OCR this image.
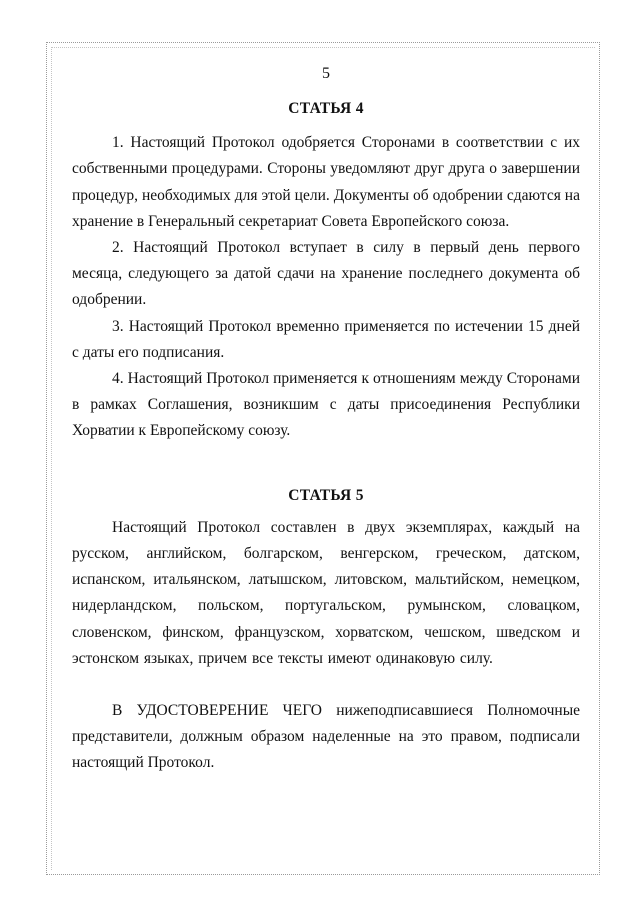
5

СТАТЬЯ 4

1. Настоящий Протокол одобряется Сторонами в соответствии с их собственными процедурами. Стороны уведомляют друг друга о завершении процедур, необходимых для этой цели. Документы об одобрении сдаются на хранение в Генеральный секретариат Совета Европейского союза.

2. Настоящий Протокол вступает в силу в первый день первого месяца, следующего за датой сдачи на хранение последнего документа об одобрении.

3. Настоящий Протокол временно применяется по истечении 15 дней с даты его подписания.

4. Настоящий Протокол применяется к отношениям между Сторонами в рамках Соглашения, возникшим с даты присоединения Республики Хорватии к Европейскому союзу.

СТАТЬЯ 5

Настоящий Протокол составлен в двух экземплярах, каждый на русском, английском, болгарском, венгерском, греческом, датском, испанском, итальянском, латышском, литовском, мальтийском, немецком, нидерландском, польском, португальском, румынском, словацком, словенском, финском, французском, хорватском, чешском, шведском и эстонском языках, причем все тексты имеют одинаковую силу.

В УДОСТОВЕРЕНИЕ ЧЕГО нижеподписавшиеся Полномочные представители, должным образом наделенные на это правом, подписали настоящий Протокол.
